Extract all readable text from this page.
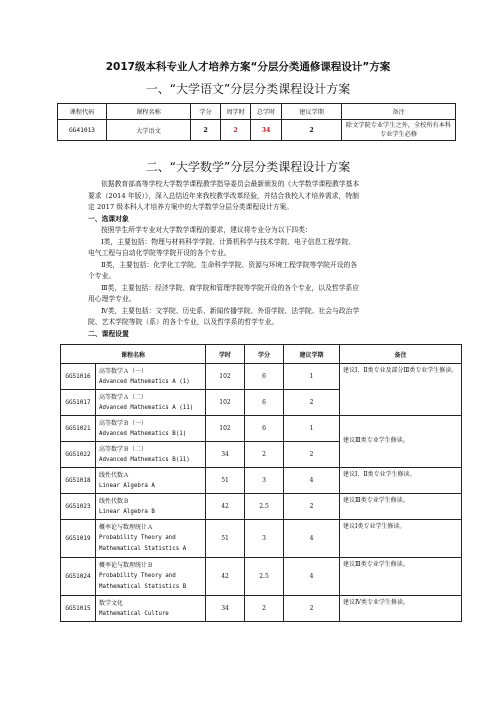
2017级本科专业人才培养方案“分层分类通修课程设计”方案
一、“大学语文”分层分类课程设计方案
课程代码	课程名称	学分	周学时	总学时	建议学期	备注
GG41013	大学语文	2	2	34	2	除文学院专业学生之外，全校所有本科专业学生必修
二、“大学数学”分层分类课程设计方案

依据教育部高等学校大学数学课程教学指导委员会最新颁发的《大学数学课程教学基本

要求（2014 年版）》，深入总结近年来我校教学改革经验，并结合我校人才培养需求，特制

定 2017 级本科人才培养方案中的大学数学分层分类课程设计方案。

一、选课对象

按照学生所学专业对大学数学课程的要求，建议将专业分为以下四类：

Ⅰ类，主要包括：物理与材料科学学院、计算机科学与技术学院、电子信息工程学院、

电气工程与自动化学院等学院开设的各个专业。

Ⅱ类，主要包括：化学化工学院、生命科学学院、资源与环境工程学院等学院开设的各

个专业。

Ⅲ类，主要包括：经济学院、商学院和管理学院等学院开设的各个专业，以及哲学系应

用心理学专业。

Ⅳ类，主要包括：文学院、历史系、新闻传播学院、外语学院、法学院、社会与政治学

院、艺术学院等院（系）的各个专业，以及哲学系的哲学专业。

二、课程设置

课程名称		学时	学分	建议学期	备注
GG51016	高等数学Ａ（一）
Advanced Mathematics A (1)	102	6	1	建议Ⅰ、Ⅱ类专业及部分Ⅲ类专业学生修读。
GG51017	高等数学Ａ（二）
Advanced Mathematics A (11)	102	6	2	
GG51021	高等数学Ｂ（一）
Advanced Mathematics B(1)	102	6	1	建议Ⅲ类专业学生修读。
GG51022	高等数学Ｂ（二）
Advanced Mathematics B(11)	34	2	2	
GG51018	线性代数Ａ
Linear Algebra A	51	3	4	建议Ⅰ、Ⅱ类专业学生修读。
GG51023	线性代数Ｂ
Linear Algebra B	42	2.5	2	建议Ⅲ类专业学生修读。
GG51019	概率论与数理统计Ａ
Probability Theory and
Mathematical Statistics A	51	3	4	建议Ⅰ类专业学生修读。
GG51024	概率论与数理统计Ｂ
Probability Theory and
Mathematical Statistics B	42	2.5	4	建议Ⅲ类专业学生修读。
GG51015	数学文化
Mathematical Culture	34	2	2	建议Ⅳ类专业学生修读。
